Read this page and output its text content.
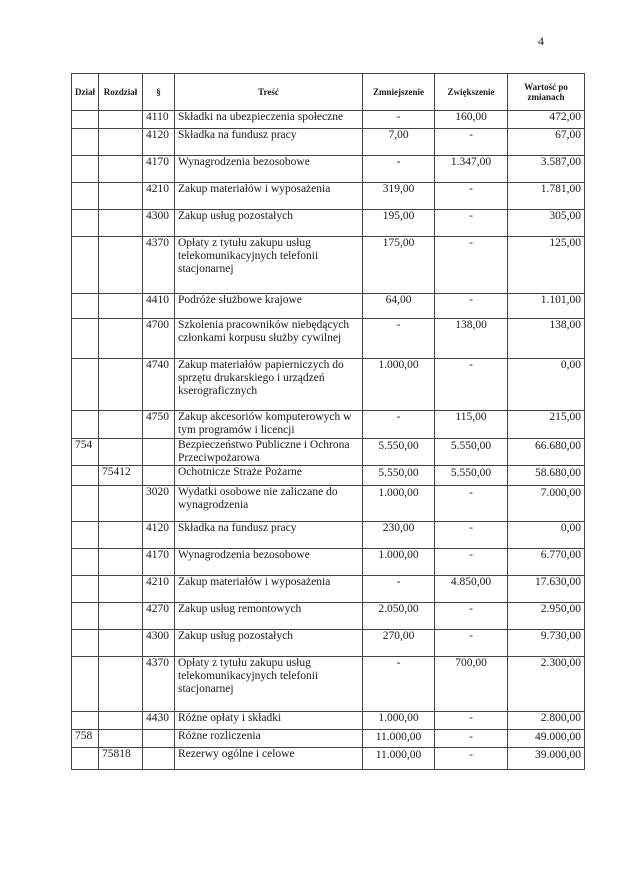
4
Dział	Rozdział	§	Treść	Zmniejszenie	Zwiększenie	Wartość po zmianach
		4110	Składki na ubezpieczenia społeczne	-	160,00	472,00
		4120	Składka na fundusz pracy	7,00	-	67,00
		4170	Wynagrodzenia bezosobowe	-	1.347,00	3.587,00
		4210	Zakup materiałów i wyposażenia	319,00	-	1.781,00
		4300	Zakup usług pozostałych	195,00	-	305,00
		4370	Opłaty z tytułu zakupu usług telekomunikacyjnych telefonii stacjonarnej	175,00	-	125,00
		4410	Podróże służbowe krajowe	64,00	-	1.101,00
		4700	Szkolenia pracowników niebędących członkami korpusu służby cywilnej	-	138,00	138,00
		4740	Zakup materiałów papierniczych do sprzętu drukarskiego i urządzeń kserograficznych	1.000,00	-	0,00
		4750	Zakup akcesoriów komputerowych w tym programów i licencji	-	115,00	215,00
754			Bezpieczeństwo Publiczne i Ochrona Przeciwpożarowa	5.550,00	5.550,00	66.680,00
	75412		Ochotnicze Straże Pożarne	5.550,00	5.550,00	58.680,00
		3020	Wydatki osobowe nie zaliczane do wynagrodzenia	1.000,00	-	7.000,00
		4120	Składka na fundusz pracy	230,00	-	0,00
		4170	Wynagrodzenia bezosobowe	1.000,00	-	6.770,00
		4210	Zakup materiałów i wyposażenia	-	4.850,00	17.630,00
		4270	Zakup usług remontowych	2.050,00	-	2.950,00
		4300	Zakup usług pozostałych	270,00	-	9.730,00
		4370	Opłaty z tytułu zakupu usług telekomunikacyjnych telefonii stacjonarnej	-	700,00	2.300,00
		4430	Różne opłaty i składki	1.000,00	-	2.800,00
758			Różne rozliczenia	11.000,00	-	49.000,00
	75818		Rezerwy ogólne i celowe	11.000,00	-	39.000,00
